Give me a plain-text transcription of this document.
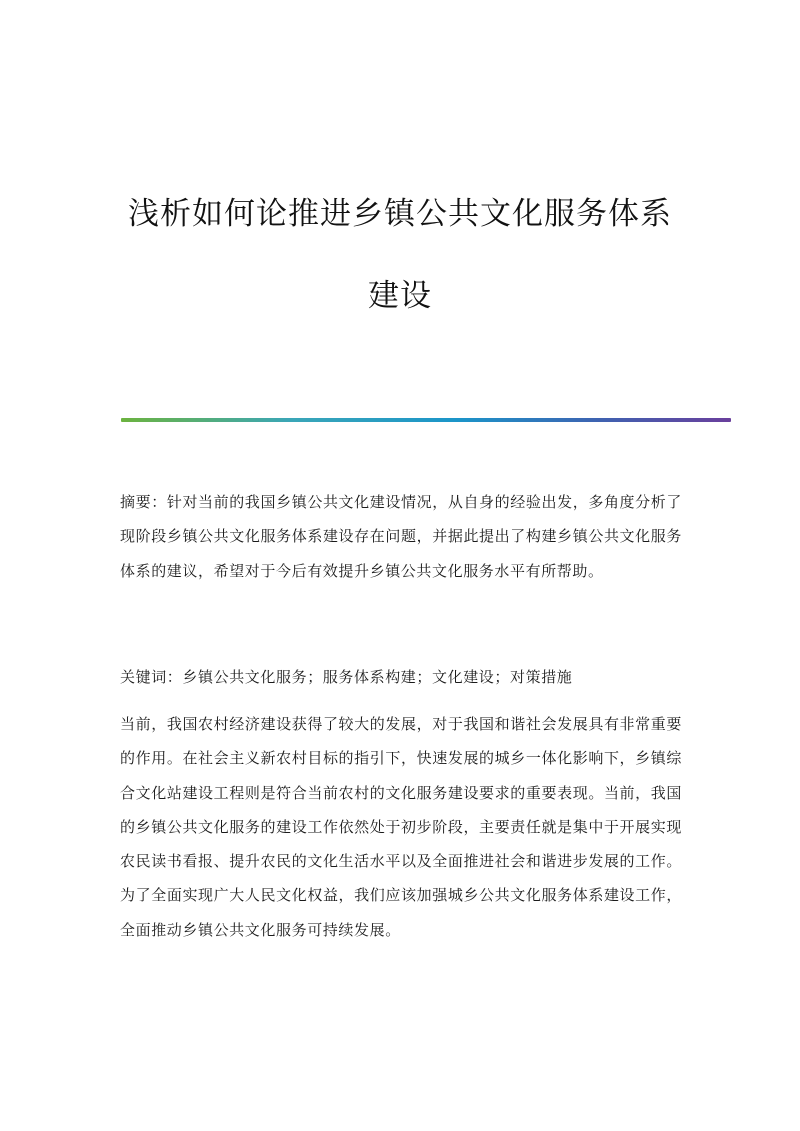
浅析如何论推进乡镇公共文化服务体系
建设

摘要：针对当前的我国乡镇公共文化建设情况，从自身的经验出发，多角度分析了现阶段乡镇公共文化服务体系建设存在问题，并据此提出了构建乡镇公共文化服务体系的建议，希望对于今后有效提升乡镇公共文化服务水平有所帮助。

关键词：乡镇公共文化服务；服务体系构建；文化建设；对策措施

当前，我国农村经济建设获得了较大的发展，对于我国和谐社会发展具有非常重要的作用。在社会主义新农村目标的指引下，快速发展的城乡一体化影响下，乡镇综合文化站建设工程则是符合当前农村的文化服务建设要求的重要表现。当前，我国的乡镇公共文化服务的建设工作依然处于初步阶段，主要责任就是集中于开展实现农民读书看报、提升农民的文化生活水平以及全面推进社会和谐进步发展的工作。为了全面实现广大人民文化权益，我们应该加强城乡公共文化服务体系建设工作，全面推动乡镇公共文化服务可持续发展。
